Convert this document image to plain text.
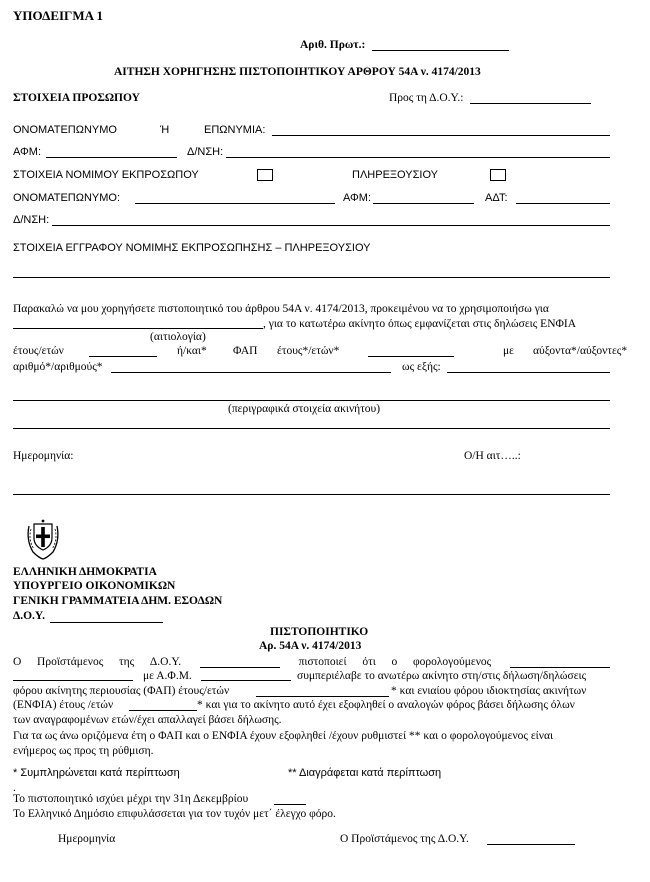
ΥΠΟΔΕΙΓΜΑ 1
Αριθ. Πρωτ.:
ΑΙΤΗΣΗ ΧΟΡΗΓΗΣΗΣ ΠΙΣΤΟΠΟΙΗΤΙΚΟΥ ΑΡΘΡΟΥ 54Α ν. 4174/2013
ΣΤΟΙΧΕΙΑ ΠΡΟΣΩΠΟΥ	Προς τη Δ.Ο.Υ.:
ΟΝΟΜΑΤΕΠΩΝΥΜΟ	Ή	ΕΠΩΝΥΜΙΑ:
ΑΦΜ:	Δ/ΝΣΗ:
ΣΤΟΙΧΕΙΑ ΝΟΜΙΜΟΥ ΕΚΠΡΟΣΩΠΟΥ	ΠΛΗΡΕΞΟΥΣΙΟΥ
ΟΝΟΜΑΤΕΠΩΝΥΜΟ:	ΑΦΜ:	ΑΔΤ:
Δ/ΝΣΗ:
ΣΤΟΙΧΕΙΑ ΕΓΓΡΑΦΟΥ ΝΟΜΙΜΗΣ ΕΚΠΡΟΣΩΠΗΣΗΣ – ΠΛΗΡΕΞΟΥΣΙΟΥ
Παρακαλώ να μου χορηγήσετε πιστοποιητικό του άρθρου 54Α ν. 4174/2013, προκειμένου να το χρησιμοποιήσω για
, για το κατωτέρω ακίνητο όπως εμφανίζεται στις δηλώσεις ΕΝΦΙΑ
(αιτιολογία)
έτους/ετών	ή/και* ΦΑΠ έτους*/ετών*	με αύξοντα*/αύξοντες*
αριθμό*/αριθμούς*	ως εξής:
(περιγραφικά στοιχεία ακινήτου)
Ημερομηνία:	Ο/Η αιτ…..:
ΕΛΛΗΝΙΚΗ ΔΗΜΟΚΡΑΤΙΑ
ΥΠΟΥΡΓΕΙΟ ΟΙΚΟΝΟΜΙΚΩΝ
ΓΕΝΙΚΗ ΓΡΑΜΜΑΤΕΙΑ ΔΗΜ. ΕΣΟΔΩΝ
Δ.Ο.Υ.
ΠΙΣΤΟΠΟΙΗΤΙΚΟ
Αρ. 54Α ν. 4174/2013
Ο Προϊστάμενος της Δ.Ο.Υ.	πιστοποιεί ότι ο φορολογούμενος
με Α.Φ.Μ.	συμπεριέλαβε το ανωτέρω ακίνητο στη/στις δήλωση/δηλώσεις
φόρου ακίνητης περιουσίας (ΦΑΠ) έτους/ετών	* και ενιαίου φόρου ιδιοκτησίας ακινήτων
(ΕΝΦΙΑ) έτους /ετών	* και για το ακίνητο αυτό έχει εξοφληθεί ο αναλογών φόρος βάσει δήλωσης όλων
των αναγραφομένων ετών/έχει απαλλαγεί βάσει δήλωσης.
Για τα ως άνω οριζόμενα έτη ο ΦΑΠ και ο ΕΝΦΙΑ έχουν εξοφληθεί /έχουν ρυθμιστεί ** και ο φορολογούμενος είναι
ενήμερος ως προς τη ρύθμιση.
* Συμπληρώνεται κατά περίπτωση	** Διαγράφεται κατά περίπτωση
.
Το πιστοποιητικό ισχύει μέχρι την 31η Δεκεμβρίου
Το Ελληνικό Δημόσιο επιφυλάσσεται για τον τυχόν μετ΄ έλεγχο φόρο.
Ημερομηνία	Ο Προϊστάμενος της Δ.Ο.Υ.
